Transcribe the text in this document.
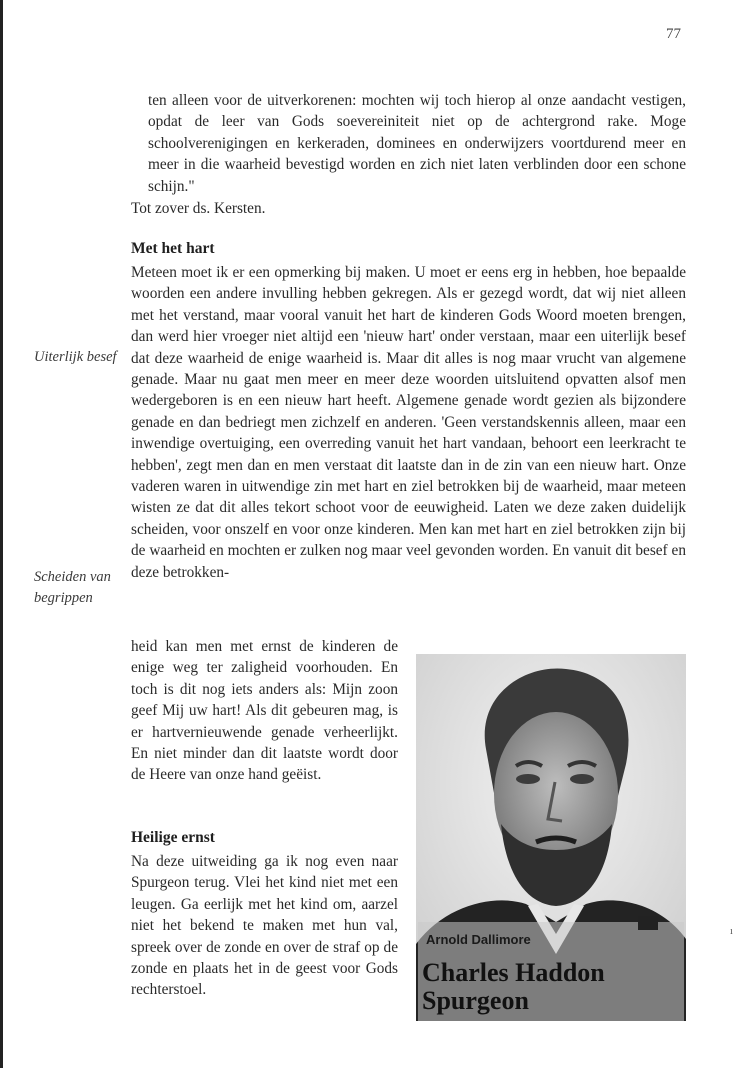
77

ten alleen voor de uitverkorenen: mochten wij toch hierop al onze aandacht vestigen, opdat de leer van Gods soevereiniteit niet op de achtergrond rake. Moge schoolverenigingen en kerkeraden, dominees en onderwijzers voortdurend meer en meer in die waarheid bevestigd worden en zich niet laten verblinden door een schone schijn."

Tot zover ds. Kersten.
Met het hart

Meteen moet ik er een opmerking bij maken. U moet er eens erg in hebben, hoe bepaalde woorden een andere invulling hebben gekregen. Als er gezegd wordt, dat wij niet alleen met het verstand, maar vooral vanuit het hart de kinderen Gods Woord moeten brengen, dan werd hier vroeger niet altijd een 'nieuw hart' onder verstaan, maar een uiterlijk besef dat deze waarheid de enige waarheid is. Maar dit alles is nog maar vrucht van algemene genade. Maar nu gaat men meer en meer deze woorden uitsluitend opvatten alsof men wedergeboren is en een nieuw hart heeft. Algemene genade wordt gezien als bijzondere genade en dan bedriegt men zichzelf en anderen. 'Geen verstandskennis alleen, maar een inwendige overtuiging, een overreding vanuit het hart vandaan, behoort een leerkracht te hebben', zegt men dan en men verstaat dit laatste dan in de zin van een nieuw hart. Onze vaderen waren in uitwendige zin met hart en ziel betrokken bij de waarheid, maar meteen wisten ze dat dit alles tekort schoot voor de eeuwigheid. Laten we deze zaken duidelijk scheiden, voor onszelf en voor onze kinderen. Men kan met hart en ziel betrokken zijn bij de waarheid en mochten er zulken nog maar veel gevonden worden. En vanuit dit besef en deze betrokken-

heid kan men met ernst de kinderen de enige weg ter zaligheid voorhouden. En toch is dit nog iets anders als: Mijn zoon geef Mij uw hart! Als dit gebeuren mag, is er hartvernieuwende genade verheerlijkt. En niet minder dan dit laatste wordt door de Heere van onze hand geëist.

Uiterlijk besef
Scheiden van begrippen
Heilige ernst

Na deze uitweiding ga ik nog even naar Spurgeon terug. Vlei het kind niet met een leugen. Ga eerlijk met het kind om, aarzel niet het bekend te maken met hun val, spreek over de zonde en over de straf op de zonde en plaats het in de geest voor Gods rechterstoel.

Arnold Dallimore
Charles Haddon
Spurgeon
ı
